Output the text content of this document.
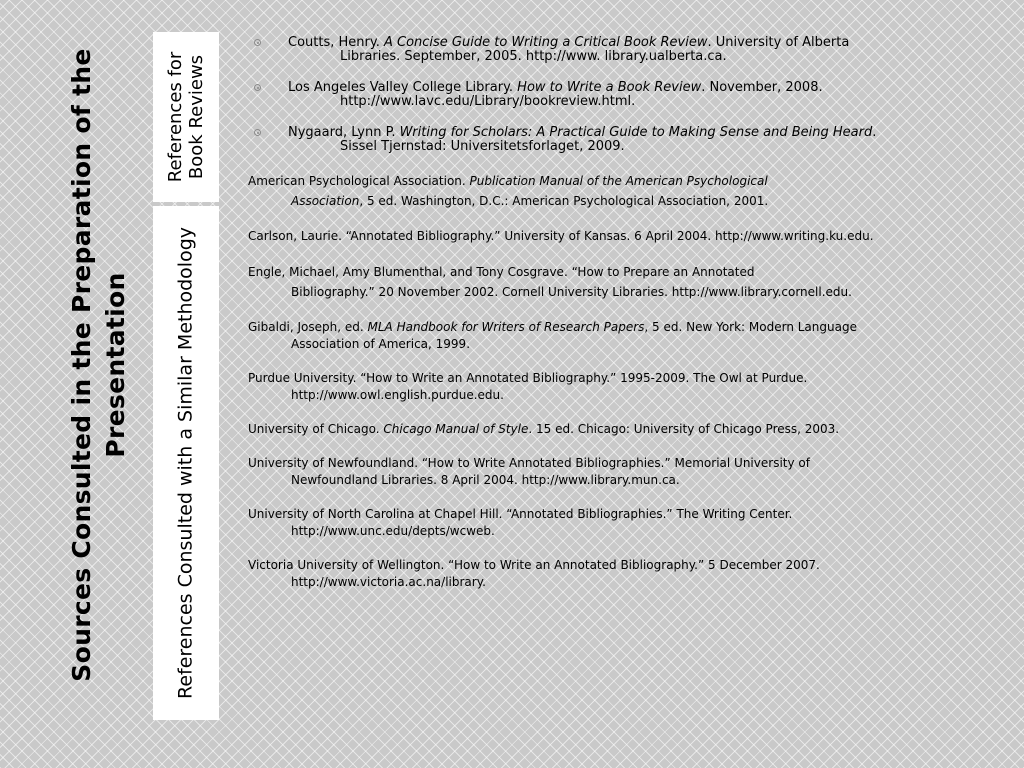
Sources Consulted in the Preparation of the Presentation
References for Book Reviews
References Consulted with a Similar Methodology
Coutts, Henry. A Concise Guide to Writing a Critical Book Review. University of Alberta
Libraries. September, 2005. http://www. library.ualberta.ca.
Los Angeles Valley College Library. How to Write a Book Review. November, 2008.
http://www.lavc.edu/Library/bookreview.html.
Nygaard, Lynn P. Writing for Scholars: A Practical Guide to Making Sense and Being Heard.
Sissel Tjernstad: Universitetsforlaget, 2009.
American Psychological Association. Publication Manual of the American Psychological
Association, 5 ed. Washington, D.C.: American Psychological Association, 2001.
Carlson, Laurie. “Annotated Bibliography.” University of Kansas. 6 April 2004. http://www.writing.ku.edu.
Engle, Michael, Amy Blumenthal, and Tony Cosgrave. “How to Prepare an Annotated
Bibliography.” 20 November 2002. Cornell University Libraries. http://www.library.cornell.edu.
Gibaldi, Joseph, ed. MLA Handbook for Writers of Research Papers, 5 ed. New York: Modern Language
Association of America, 1999.
Purdue University. “How to Write an Annotated Bibliography.” 1995-2009. The Owl at Purdue.
http://www.owl.english.purdue.edu.
University of Chicago. Chicago Manual of Style. 15 ed. Chicago: University of Chicago Press, 2003.
University of Newfoundland. “How to Write Annotated Bibliographies.” Memorial University of
Newfoundland Libraries. 8 April 2004. http://www.library.mun.ca.
University of North Carolina at Chapel Hill. “Annotated Bibliographies.” The Writing Center.
http://www.unc.edu/depts/wcweb.
Victoria University of Wellington. “How to Write an Annotated Bibliography.” 5 December 2007.
http://www.victoria.ac.na/library.
